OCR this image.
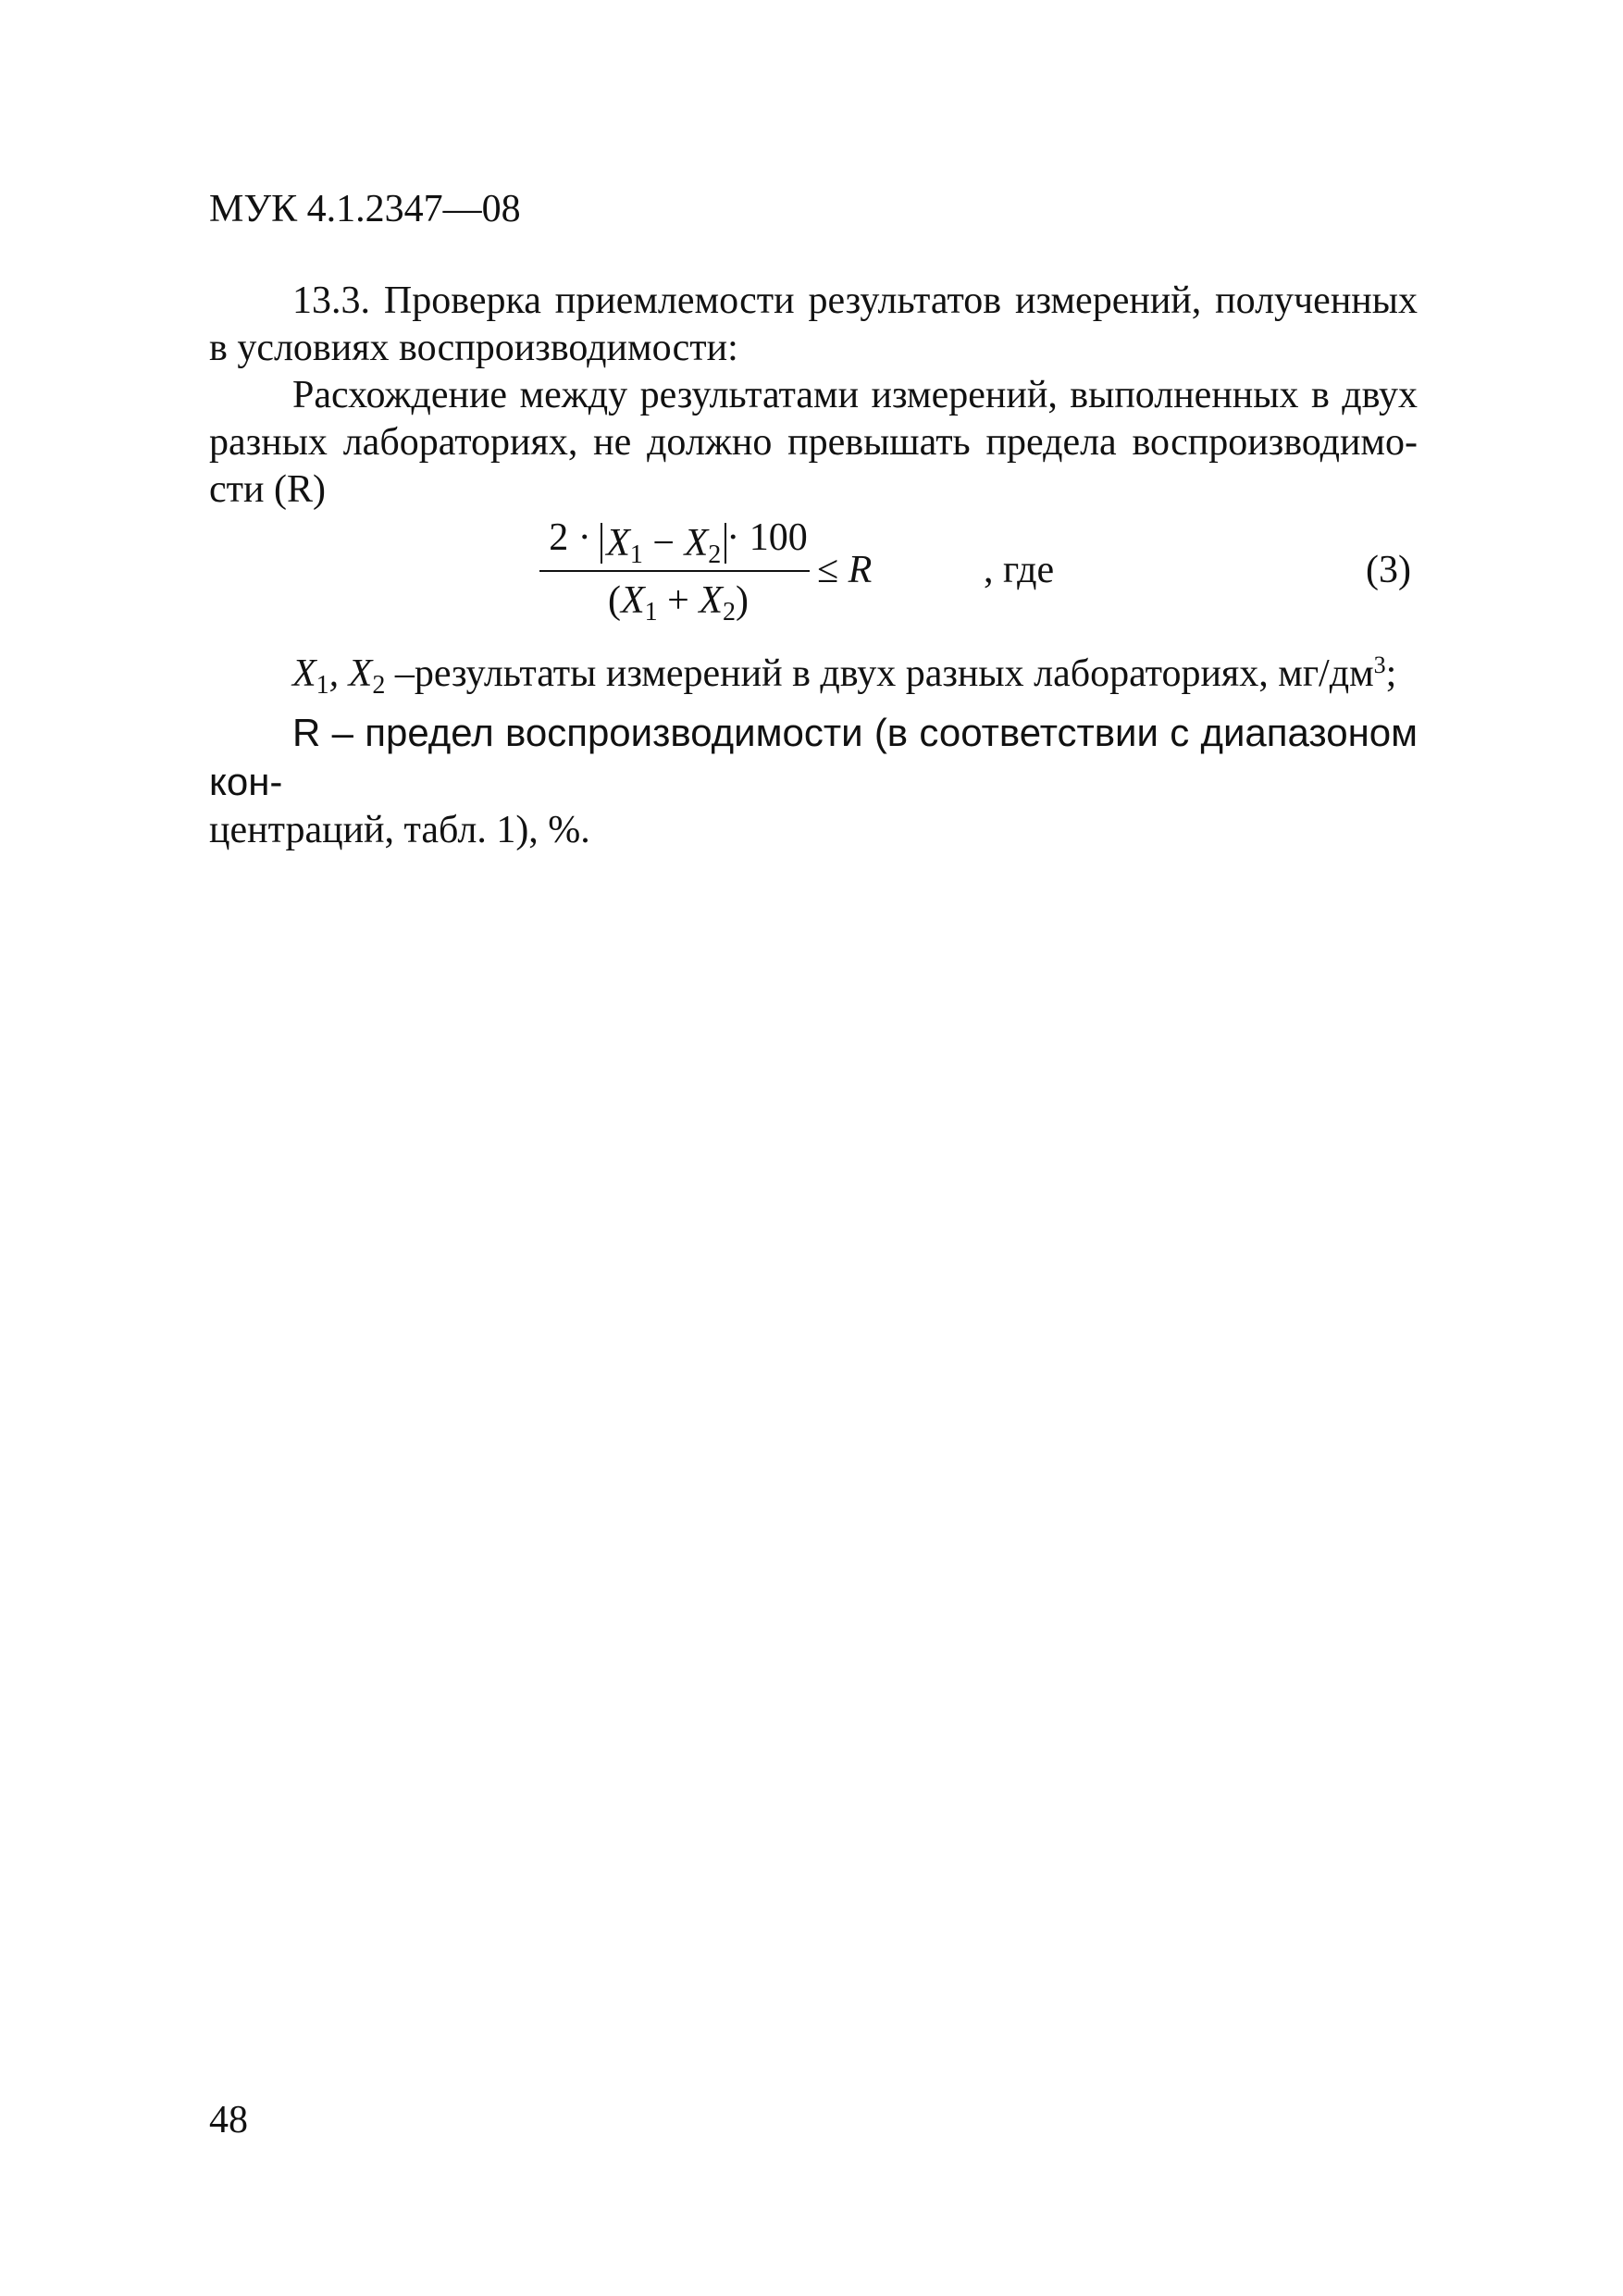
МУК 4.1.2347—08
13.3. Проверка приемлемости результатов измерений, полученных
в условиях воспроизводимости:
Расхождение между результатами измерений, выполненных в двух
разных лабораториях, не должно превышать предела воспроизводимо-
сти (R)
$2 \cdot X_1 - X_2 \cdot 100$
$(X_1 + X_2)$
≤ R	, где	(3)
$X_1$, $X_2$ –результаты измерений в двух разных лабораториях, $мг/дм^3$;
R – предел воспроизводимости (в соответствии с диапазоном кон-
центраций, табл. 1), %.
48
